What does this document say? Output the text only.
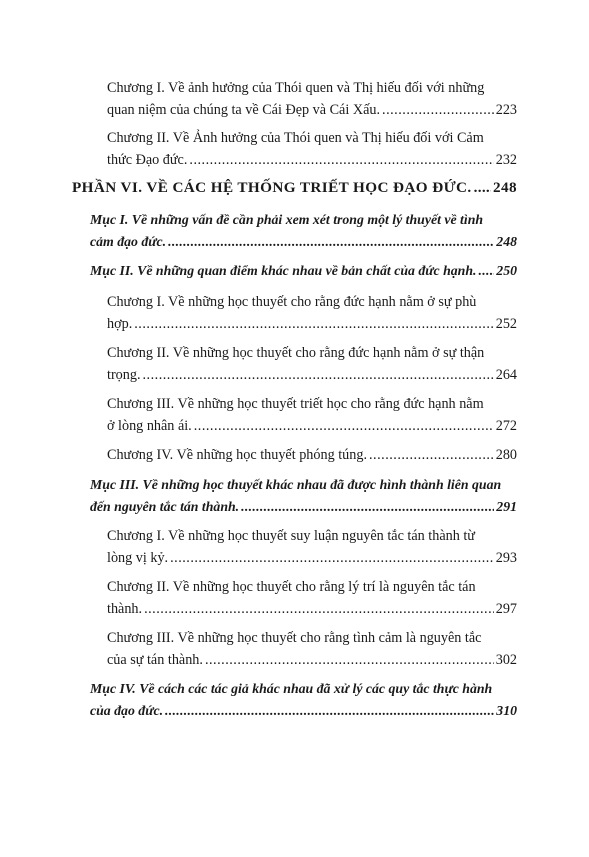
Chương I. Về ảnh hưởng của Thói quen và Thị hiếu đối với những
quan niệm của chúng ta về Cái Đẹp và Cái Xấu. .....	223
Chương II. Về Ảnh hưởng của Thói quen và Thị hiếu đối với Cảm
thức Đạo đức. .....	232
PHẦN VI. VỀ CÁC HỆ THỐNG TRIẾT HỌC ĐẠO ĐỨC. ..... 248
Mục I. Về những vấn đề cần phải xem xét trong một lý thuyết về tình
cảm đạo đức. .....	248
Mục II. Về những quan điểm khác nhau về bản chất của đức hạnh. ..... 250
Chương I. Về những học thuyết cho rằng đức hạnh nằm ở sự phù
hợp. .....	252
Chương II. Về những học thuyết cho rằng đức hạnh nằm ở sự thận
trọng. .....	264
Chương III. Về những học thuyết triết học cho rằng đức hạnh nằm
ở lòng nhân ái. .....	272
Chương IV. Về những học thuyết phóng túng. .....	280
Mục III. Về những học thuyết khác nhau đã được hình thành liên quan
đến nguyên tắc tán thành. .....	291
Chương I. Về những học thuyết suy luận nguyên tắc tán thành từ
lòng vị kỷ. .....	293
Chương II. Về những học thuyết cho rằng lý trí là nguyên tắc tán
thành. .....	297
Chương III. Về những học thuyết cho rằng tình cảm là nguyên tắc
của sự tán thành. .....	302
Mục IV. Về cách các tác giả khác nhau đã xử lý các quy tắc thực hành
của đạo đức. .....	310
